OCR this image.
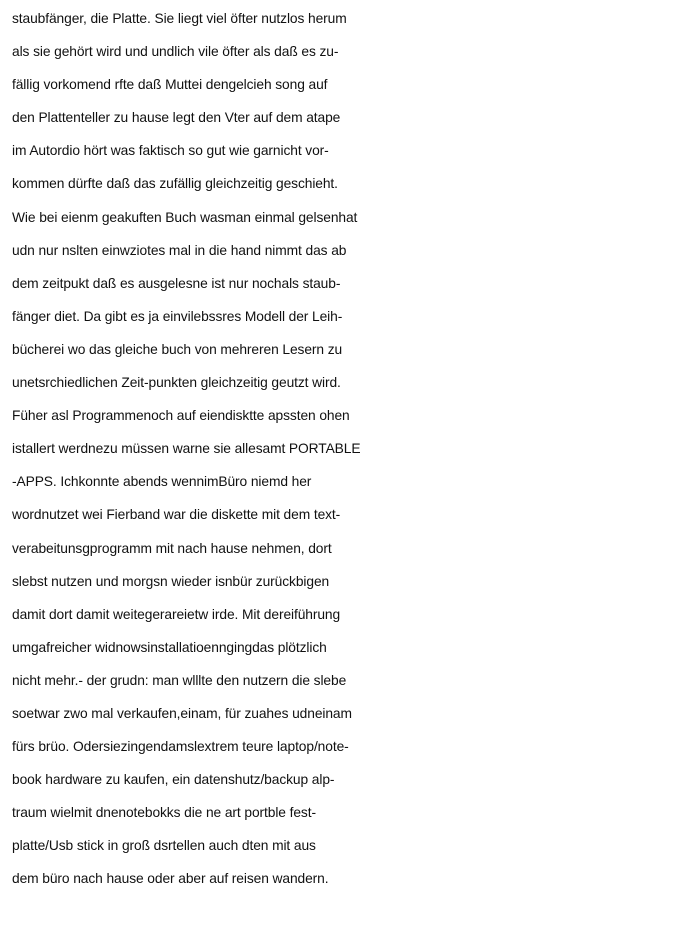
staubfänger, die Platte. Sie liegt viel öfter nutzlos herum
als sie gehört wird und undlich vile öfter als daß es zu-
fällig vorkomend rfte daß Muttei dengelcieh song auf
den Plattenteller zu hause legt den Vter auf dem atape
im Autordio hört was faktisch so gut wie garnicht vor-
kommen dürfte daß das zufällig gleichzeitig geschieht.
Wie bei eienm geakuften Buch wasman einmal gelsenhat
udn nur nslten einwziotes mal in die hand nimmt das ab
dem zeitpukt daß es ausgelesne ist nur nochals staub-
fänger diet. Da gibt es ja einvilebssres Modell der Leih-
bücherei wo das gleiche buch von mehreren Lesern zu
unetsrchiedlichen Zeit-punkten gleichzeitig geutzt wird.
Füher asl Programmenoch auf eiendisktte apssten ohen
istallert werdnezu müssen warne sie allesamt PORTABLE
-APPS. Ichkonnte abends wennimBüro niemd her
wordnutzet wei Fierband war die diskette mit dem text-
verabeitunsgprogramm mit nach hause nehmen, dort
slebst nutzen und morgsn wieder isnbür zurückbigen
damit dort damit weitegerareietw irde. Mit dereiführung
umgafreicher widnowsinstallatioenngingdas plötzlich
nicht mehr.- der grudn: man wlllte den nutzern die slebe
soetwar zwo mal verkaufen,einam, für zuahes udneinam
fürs brüo. Odersiezingendamslextrem teure laptop/note-
book hardware zu kaufen, ein datenshutz/backup alp-
traum wielmit dnenotebokks die ne art portble fest-
platte/Usb stick in groß dsrtellen auch dten mit aus
dem büro nach hause oder aber auf reisen wandern.
